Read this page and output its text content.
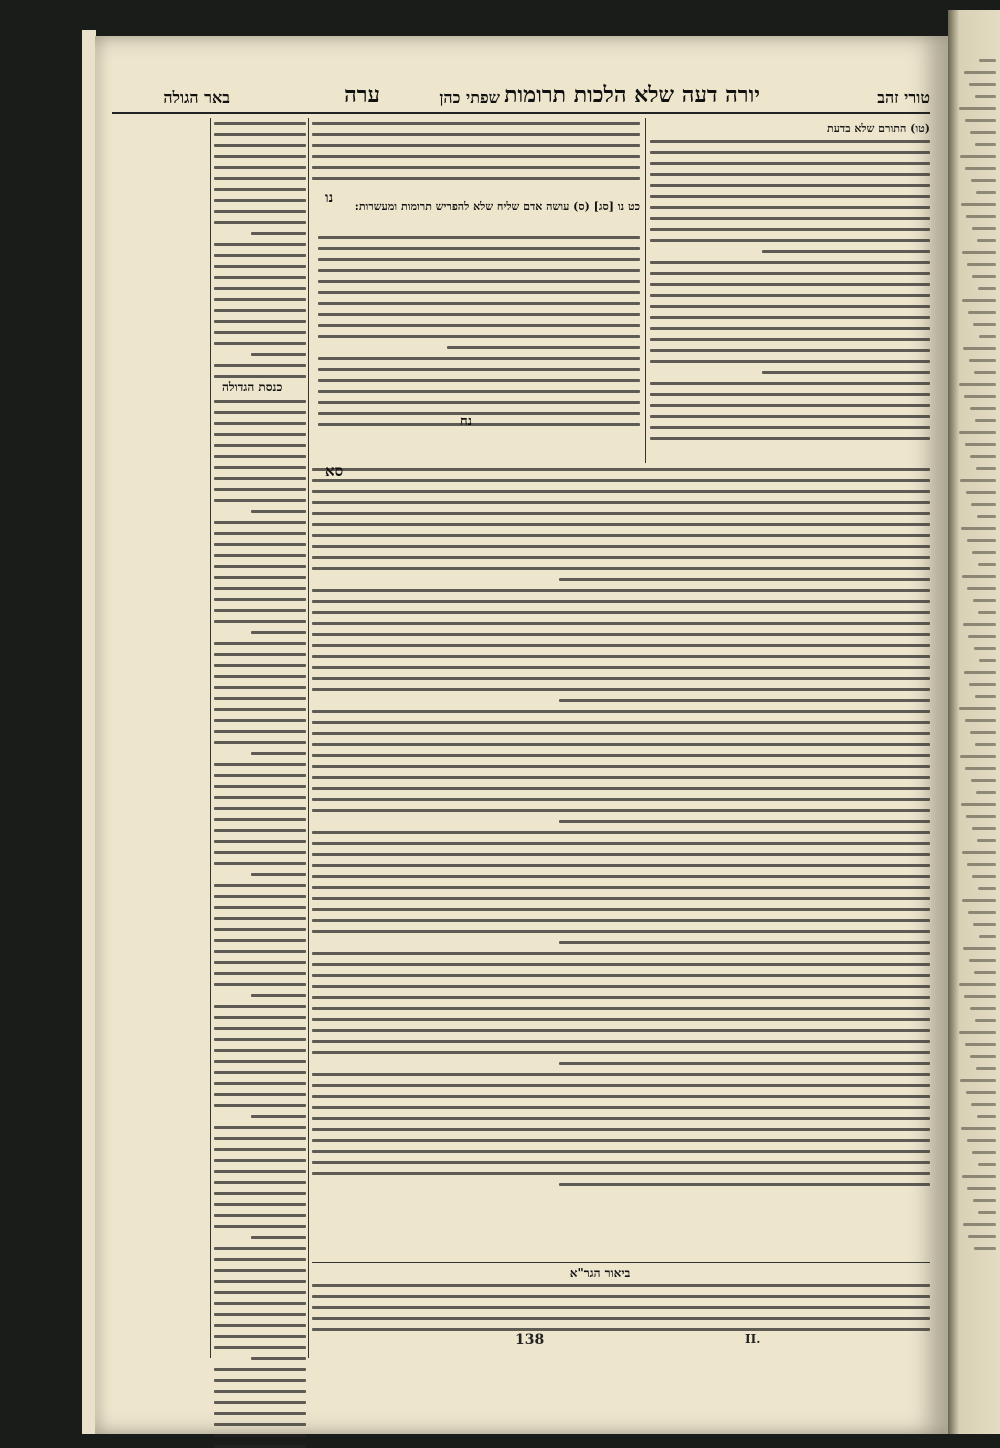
טורי זהב
יורה דעה שלא הלכות תרומות
שפתי כהן
ערה
באר הגולה
(טו) התורם שלא בדעת
כט נו [סג] (ס) עושה אדם שליח שלא להפריש תרומות ומעשרות:
נו
סא
נח
ביאור הגר"א
כנסת הגדולה
138	II.
